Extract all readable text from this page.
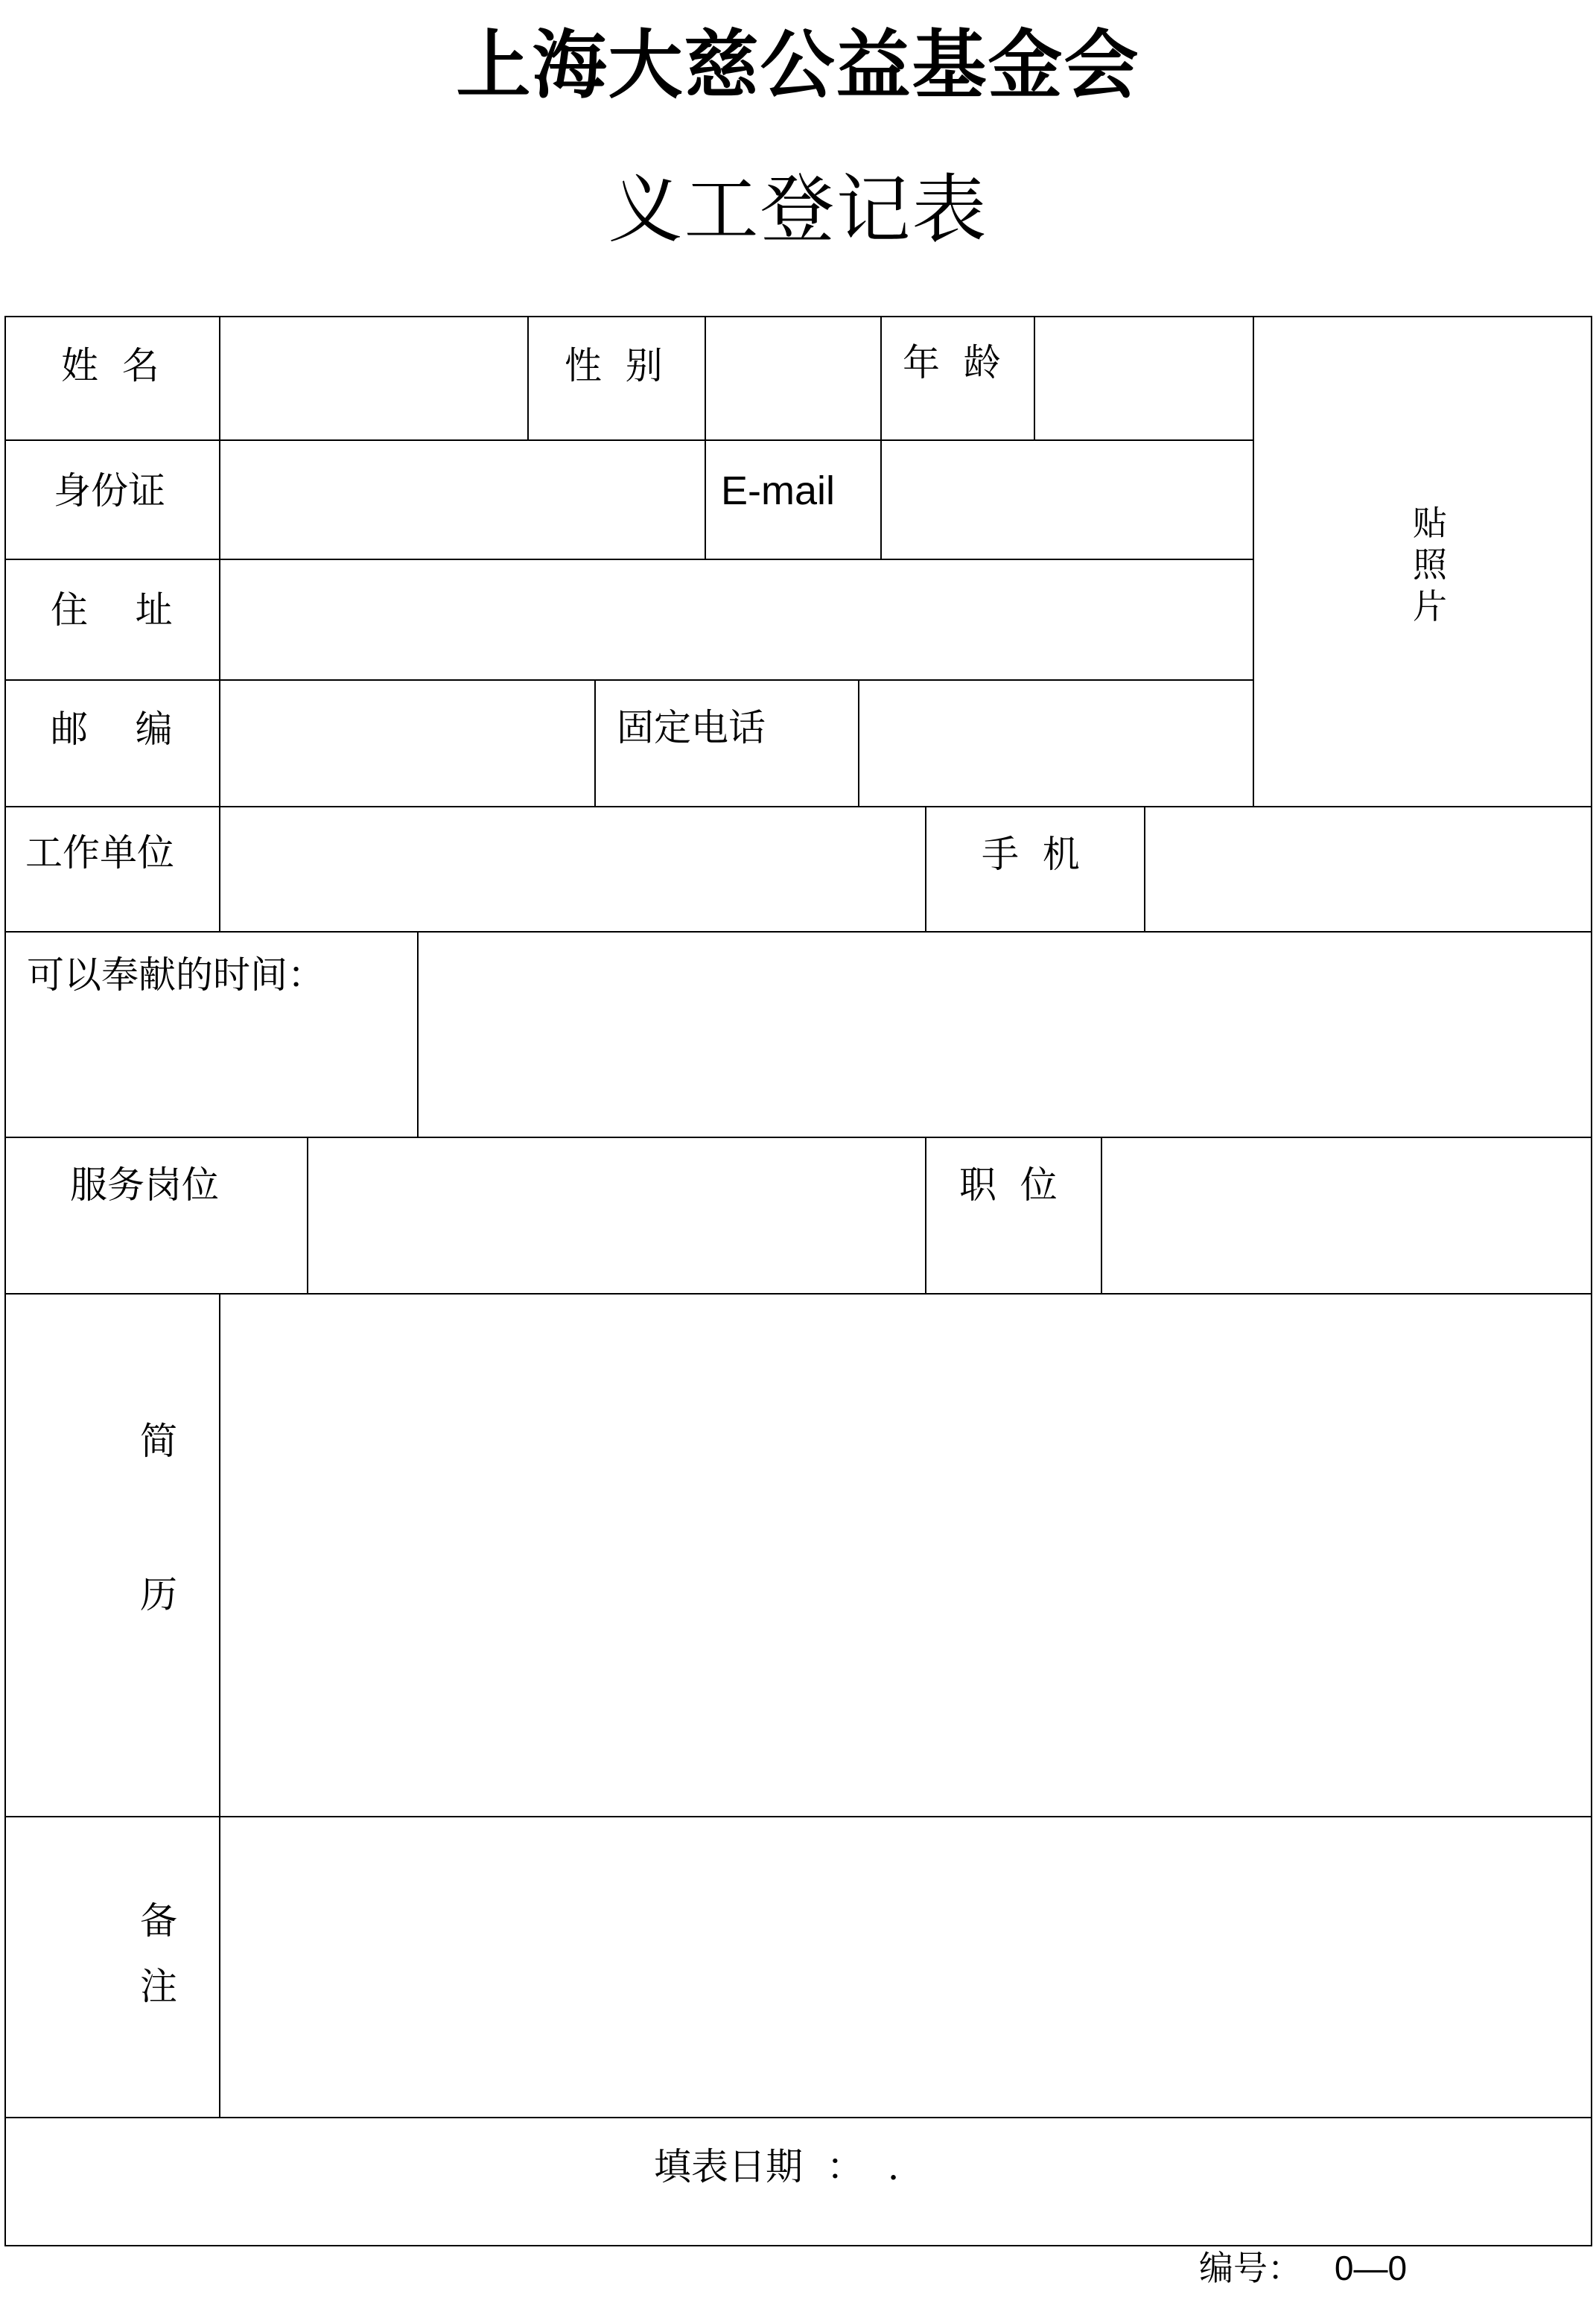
上海大慈公益基金会
义工登记表
姓  名	性  别	年  龄
身份证	E-mail
住    址
邮    编	固定电话
工作单位	手  机
可以奉献的时间：
服务岗位	职  位
简
历
备
注
填表日期  ：  .
贴
照
片
编号： 0—0
